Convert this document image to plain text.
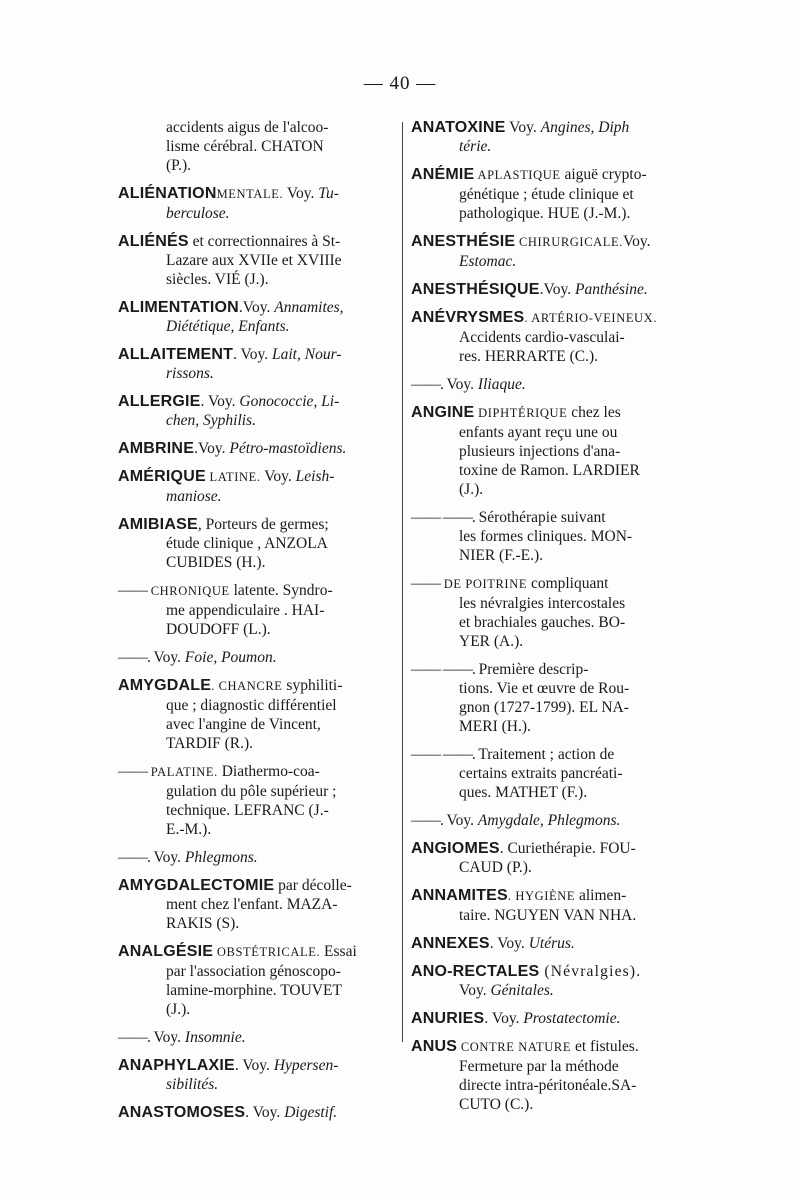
— 40 —
accidents aigus de l'alcoo-
lisme cérébral. CHATON
(P.).
ALIÉNATIONMENTALE. Voy. Tu-
berculose.
ALIÉNÉS et correctionnaires à St-
Lazare aux XVIIe et XVIIIe
siècles. VIÉ (J.).
ALIMENTATION.Voy. Annamites,
Diététique, Enfants.
ALLAITEMENT. Voy. Lait, Nour-
rissons.
ALLERGIE. Voy. Gonococcie, Li-
chen, Syphilis.
AMBRINE.Voy. Pétro-mastoïdiens.
AMÉRIQUE LATINE. Voy. Leish-
maniose.
AMIBIASE, Porteurs de germes;
étude clinique , ANZOLA
CUBIDES (H.).
—— CHRONIQUE latente. Syndro-
me appendiculaire . HAI-
DOUDOFF (L.).
——. Voy. Foie, Poumon.
AMYGDALE. CHANCRE syphiliti-
que ; diagnostic différentiel
avec l'angine de Vincent,
TARDIF (R.).
—— PALATINE. Diathermo-coa-
gulation du pôle supérieur ;
technique. LEFRANC (J.-
E.-M.).
——. Voy. Phlegmons.
AMYGDALECTOMIE par décolle-
ment chez l'enfant. MAZA-
RAKIS (S).
ANALGÉSIE OBSTÉTRICALE. Essai
par l'association génoscopo-
lamine-morphine. TOUVET
(J.).
——. Voy. Insomnie.
ANAPHYLAXIE. Voy. Hypersen-
sibilités.
ANASTOMOSES. Voy. Digestif.
ANATOXINE Voy. Angines, Diph
térie.
ANÉMIE APLASTIQUE aiguë crypto-
génétique ; étude clinique et
pathologique. HUE (J.-M.).
ANESTHÉSIE CHIRURGICALE.Voy.
Estomac.
ANESTHÉSIQUE.Voy. Panthésine.
ANÉVRYSMES. ARTÉRIO-VEINEUX.
Accidents cardio-vasculai-
res. HERRARTE (C.).
——. Voy. Iliaque.
ANGINE DIPHTÉRIQUE chez les
enfants ayant reçu une ou
plusieurs injections d'ana-
toxine de Ramon. LARDIER
(J.).
—— ——. Sérothérapie suivant
les formes cliniques. MON-
NIER (F.-E.).
—— DE POITRINE compliquant
les névralgies intercostales
et brachiales gauches. BO-
YER (A.).
—— ——. Première descrip-
tions. Vie et œuvre de Rou-
gnon (1727-1799). EL NA-
MERI (H.).
—— ——. Traitement ; action de
certains extraits pancréati-
ques. MATHET (F.).
——. Voy. Amygdale, Phlegmons.
ANGIOMES. Curiethérapie. FOU-
CAUD (P.).
ANNAMITES. HYGIÈNE alimen-
taire. NGUYEN VAN NHA.
ANNEXES. Voy. Utérus.
ANO-RECTALES (Névralgies).
Voy. Génitales.
ANURIES. Voy. Prostatectomie.
ANUS CONTRE NATURE et fistules.
Fermeture par la méthode
directe intra-péritonéale.SA-
CUTO (C.).
